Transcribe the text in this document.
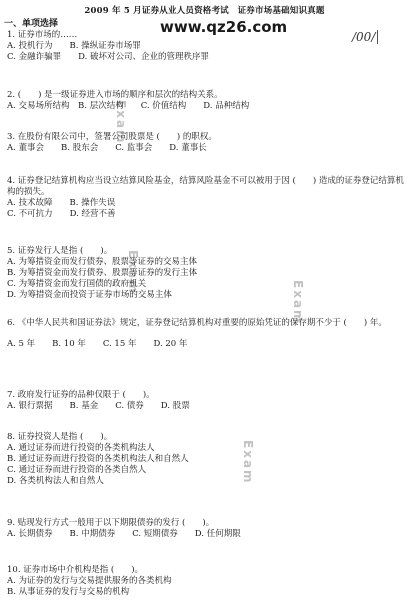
2009 年 5 月证券从业人员资格考试　证券市场基础知识真题
一、单项选择	www.qz26.com
/00/
Exam
Exam
Exam
Exam
1. 证券市场的……
A. 投机行为　　B. 操纵证券市场罪
C. 金融诈骗罪　　D. 破坏对公司、企业的管理秩序罪
2. (　　) 是一级证券进入市场的顺序和层次的结构关系。
A. 交易场所结构　B. 层次结构　　C. 价值结构　　D. 品种结构
3. 在股份有限公司中，签署公司股票是 (　　) 的职权。
A. 董事会　　B. 股东会　　C. 监事会　　D. 董事长
4. 证券登记结算机构应当设立结算风险基金，结算风险基金不可以被用于因 (　　) 造成的证券登记结算机构的损失。
A. 技术故障　　B. 操作失误
C. 不可抗力　　D. 经营不善
5. 证券发行人是指 (　　)。
A. 为筹措资金而发行债券、股票等证券的交易主体
B. 为筹措资金而发行债券、股票等证券的发行主体
C. 为筹措资金而发行国债的政府机关
D. 为筹措资金而投资于证券市场的交易主体
6. 《中华人民共和国证券法》规定，证券登记结算机构对重要的原始凭证的保存期不少于 (　　) 年。
A. 5 年　　B. 10 年　　C. 15 年　　D. 20 年
7. 政府发行证券的品种仅限于 (　　)。
A. 银行票据　　B. 基金　　C. 债券　　D. 股票
8. 证券投资人是指 (　　)。
A. 通过证券而进行投资的各类机构法人
B. 通过证券而进行投资的各类机构法人和自然人
C. 通过证券而进行投资的各类自然人
D. 各类机构法人和自然人
9. 贴现发行方式一般用于以下期限债券的发行 (　　)。
A. 长期债券　　B. 中期债券　　C. 短期债券　　D. 任何期限
10. 证券市场中介机构是指 (　　)。
A. 为证券的发行与交易提供服务的各类机构
B. 从事证券的发行与交易的机构
